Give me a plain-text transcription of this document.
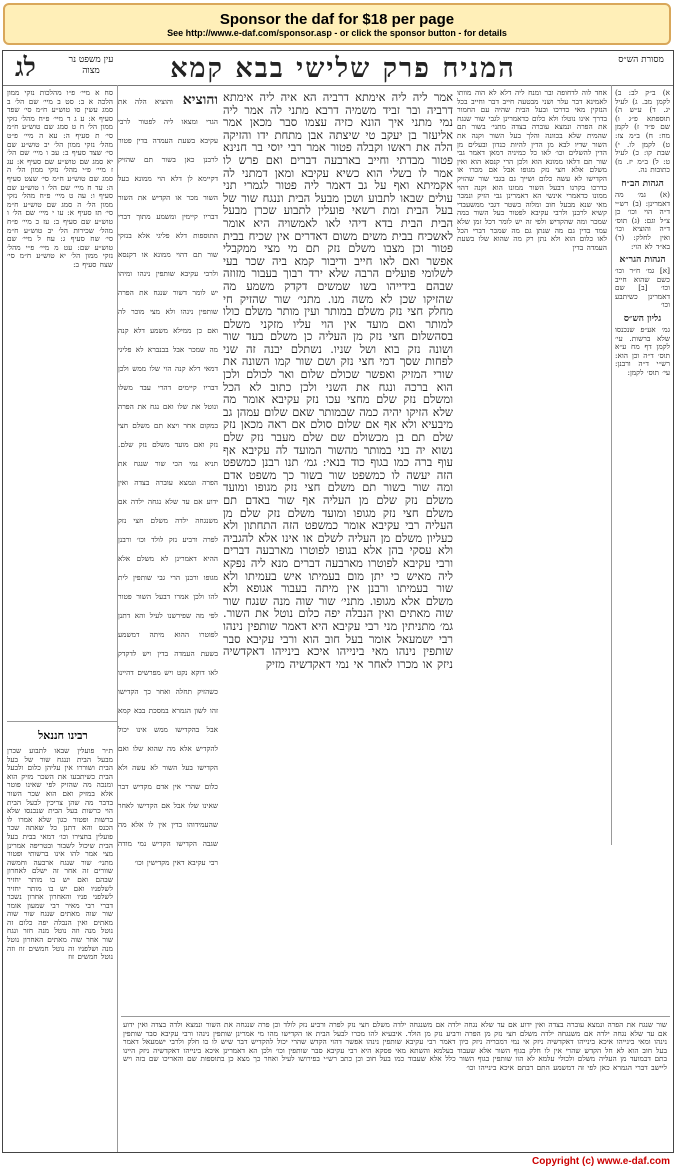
Sponsor the daf for $18 per page
See http://www.e-daf.com/sponsor.asp - or click the sponsor button - for details
מסורת הש״ס
המניח פרק שלישי בבא קמא
עין משפט נר מצוה
לג
א) ב״ק לב: ב) לקמן מב. ג) לעיל יג. ד) ע״ש ה) תוספתא פ״ג ו) שם פ״ד ז) לקמן מח: ח) ב״מ צז: ט) לקמן לו. י) שבת קו: כ) לעיל ט: ל) ב״מ יז. מ) כתובות נה.
הגהות הב״ח
(א) גמ׳ מה דאמרינן: (ב) רש״י ד״ה הוי וכו׳ כן צ״ל וגם: (ג) תוס׳ ד״ה והוציא וכו׳ ואין לחלק: (ד) בא״ד לא הוי:
הגהות הגר״א
[א] גמ׳ ח״ר וכו׳ כשם שהוא חייב וכו׳ [ב] שם דאמרינן כשיתבע וכו׳
גליון הש״ס
גמ׳ אע״פ שנכנסו שלא ברשות. עי׳ לקמן דף מח ע״א תוס׳ ד״ה וכן הוא: רש״י ד״ה ורבנן: עי׳ תוס׳ לקמן:
אחד לוה לדחופה ובר ומנח ליה דלא לא הוה מוותו לאמינא דבר עלר ושני מבטעה חייב דבר וחייב בכל הנזקין מאי כדרכו ובעל הבית שהיה עם החמור בדרך אינו נוטלו ולא כלום כדאמרינן לגבי שור שנגח את הפרה ונמצא עוברה בצדה מתני׳ בשור תם שהמית שלא בכוונה והלך בעל השור וקנה את השור שדיו לבא מן הדין להיות כנדון ובעלים מן הדין להשלים וכו׳ לאו כל כמיניה דמאן דאמר גבי שור תם דלאו ממונא הוא ולכן הרי קנסא הוא ואין משלם אלא חצי נזק מגופו אבל אם מכרו או הקדישו לא עשה כלום ושייך גם בגבי שור שהזיק כדרכו בקרנו דבעל השור ממונו הוא וקנה דהוי ממונו כדאמרי אינשי הא דאמרינן גבי הזיק ונמכר מאי שנא מבעל חוב ומלוה בשטר דגבי ממשעבדי קשיא לרבנן ולרבי עקיבא לפטור בעל השור במה שמכר ומה שהקדיש ולפי זה יש לומר דכל זמן שלא עמד בדין גם מה שנתן גם מה שמכר דברי הכל לאו כלום הוא ולא נתן רק מה שהוא שלו בשעת העמדה בדין
אמר ליה ליה אימתא דרביה הא איה ליה אימתא דרביה ובר זביד משמיה דרבא מתני לה אמר ליה נמי מתני איך הונא כזיה עצמו סבר מכאן אמר אליעזר בן יעקב טי שיצתה אבן מתחת ידו והזיקה הלה את ראשו וקבלה פטור אמר רבי יוסי בר חנינא פטור מבדתי וחייב בארבעה דברים ואם פרש לו אמר לו בשלי הוא כשיא עקיבא ומאן דמתני לה אקמיתא ואף על גב דאמר ליה פטור לגמרי תני עולים שבאו לתבוע ושכן מבעל הבית וננגח שור של בעל הבית ומת רשאי פועלין לתבוע שכרן מבעל הבית הבית בדא דיהי לאו לאמשויה היא אומר לאשכיח בבית משים משום דאדרים אין שכיח בבית פטור וכן מצבו משלם נזק תם מי מצי ממקבלי אפשר ואם לאו חייב ודיבור קמא ביה שכר בעי לשלומי פועלים הרבה שלא ירד רבוך בעבור מזוזה שבהם בידייהו בשו שמשים דקדק משמע מה שהזיקו שכן לא משה מנו. מתני׳ שור שהזיק חי מחלק חצי נזק משלם במותר ועין מותר משלם כולו למותר ואם מועד אין הוי עליו מזקני משלם בסהשלום חצי נזק מן העליה כן משלם בעד שור ושונה נזק בוא ושל שניו. נשתלם יבנה זה שני לפחות שסך דמי חצי נזק ושם שור קמו השונה את שורי המזיק ואפשר שכולם שלום ואר לכולם ולכן הוא ברכה ונגח את השני ולכן כתוב לא הכל ומשלם נזק שלם מחצי עכו נזק עקיבא אומר מה שלא הזיקו יהיה כמה שבמותר שאם שלום עמהן גב מיבעיא ולא אף אם שלום סולם אם ראה מכאן נזק שלם תם בן מכשולם שם שלם מעבר נזק שלם נשוא יה בני במותר מהשור המועד לה עקיבא אף עוף ברה כמו בגוף כוד בנאי: גמ׳ תנו רבנן כמשפט הזה יעשה לו כמשפט שור בשור כך משפט אדם ומה שור בשור תם משלם חצי נזק מגופו ומועד משלם נזק שלם מן העליה אף שור באדם תם משלם חצי נזק מגופו ומועד משלם נזק שלם מן העליה רבי עקיבא אומר כמשפט הזה התחתון ולא כעליון משלם מן העליה לשלם או אינו אלא להגביה ולא עסקי בהן אלא בגופו לפוטרו מארבעה דברים ורבי עקיבא לפוטרו מארבעה דברים מנא ליה נפקא ליה מאיש כי יתן מום בעמיתו איש בעמיתו ולא שור בעמיתו ורבנן אין מיתה בעבור אגופא ולא משלם אלא מגופו. מתני׳ שור שוה מנה שנגח שור שוה מאתים ואין הנבלה יפה כלום נוטל את השור. גמ׳ מתניתין מני רבי עקיבא היא דאמר שותפין נינהו רבי ישמעאל אומר בעל חוב הוא ורבי עקיבא סבר שותפין נינהו מאי בינייהו איכא בינייהו דאקדשיה ניזק או מכרו לאחר אי נמי דאקדשיה מזיק
והוציא והוציא הלה את הגדי ומצאו ליה לפטור לרבי עקיבא בשעת העמדה בדין פטור לרבנן כאן בשור תם שהזיק דקיימא לן דלא הוי ממונא בעל השור מכר או הקדיש את השור דבריו קיימין ומשמע מתוך דברי התוספות דלא פליגי אלא בנזקי שור תם דהוי ממונא או דקנסא ולרבי עקיבא שותפין נינהו ומיהו יש לומר דשור שנגח את הפרה שותפין נינהו ולא מצי מוכר לה ואם כן ממילא משמע דלא קנה מה שמכר אבל בבנברא לא פליגי דמאי דלא קנה הוי שלו ממש ולכן דבריו קיימים דהרי עבד משלו ונוטל את שלו ואם נגח את הפרה במקום אחר ויצא תם משלם חצי נזק ואם מועד משלם נזק שלם. תניא נמי הכי שור שנגח את הפרה ונמצא עוברה בצדה ואין ידוע אם עד שלא נגחה ילדה אם משנגחה ילדה משלם חצי נזק לפרה ורביע נזק לולד וכו׳ ורבנן ההיא דאמרינן לא משלם אלא מגופו ורבנן הרי גבי שותפין לית להו ולכן אמרו דבעל השור פטור לפי מה שפירשנו לעיל והא דתנן לפוטרו ההוא מיתה דמשמע בשעת העמדה בדין ויש לדקדק לאו דוקא נקט ויש מפרשים דהיינו כשהזיק תחלה ואחר כך הקדישו זהו לשון הגמרא במסכת בבא קמא אבל בהקדישו ממש אינו יכול להקדיש אלא מה שהוא שלו ואם הקדישו בעל השור לא עשה ולא כלום שהרי אין אדם מקדיש דבר שאינו שלו אבל אם הקדישו לאחר שהעמידוהו בדין אין לו אלא מה שגבה הקדישו הקדיש נמי מודה רבי עקיבא דאין מקדישין וכו׳
סח א מיי׳ פ״ו מהלכות נזקי ממון הלכה א ב: סט ב מיי׳ שם הל׳ ב סמג עשין סו טוש״ע ח״מ סי׳ שפד סעיף א: ע ג ד מיי׳ פ״ח מהל׳ נזקי ממון הל׳ ח ט סמג שם טוש״ע ח״מ סי׳ ת סעיף ה: עא ה מיי׳ פ״ט מהל׳ נזקי ממון הל׳ יב טוש״ע שם סי׳ שצד סעיף ב: עב ו מיי׳ שם הל׳ יא סמג שם טוש״ע שם סעיף א: עג ז מיי׳ פ״י מהל׳ נזקי ממון הל׳ ה סמג שם טוש״ע ח״מ סי׳ שצט סעיף ה: עד ח מיי׳ שם הל׳ ו טוש״ע שם סעיף ו: עה ט מיי׳ פ״ח מהל׳ נזקי ממון הל׳ ה סמג שם טוש״ע ח״מ סי׳ תז סעיף א: עו י מיי׳ שם הל׳ ו טוש״ע שם סעיף ב: עז כ מיי׳ פ״ח מהל׳ שכירות הל׳ יב טוש״ע ח״מ סי׳ שח סעיף ג: עח ל מיי׳ שם טוש״ע שם: עט מ מיי׳ פ״י מהל׳ נזקי ממון הל׳ יא טוש״ע ח״מ סי׳ שצח סעיף ב:
רבינו חננאל
ת״ר פועלין שבאו לתבוע שכרן מבעל הבית וננגח שור של בעל הבית ושוררו אין עליהן כלום ולבעל הבית כשיתבעו את השכר מזיק הוא ומנכה מה שהזיק לפי שאינו פוטר אלא במזיק ואם הוא שכר השור בדבר מה שהן צריכין לבעל הבית הוי כרשות בעל הבית שנכנסו שלא ברשות ופטור כגון שלא אמרו לו הכנס והא דתנן כל שאתה שכר פועלין בחצירו וכו׳ דמאי בבית בעל הבית שיכול לשבור ובטריפה אמרינן מצי אמר להו אינו ברשותי ופטור מתני׳ שור שנגח ארבעה וחמשה שוורים זה אחר זה ישלם לאחרון שבהם ואם יש בו מותר יחזיר לשלפניו ואם יש בו מותר יחזיר לשלפני פניו והאחרון אחרון נשכר דברי רבי מאיר רבי שמעון אומר שור שוה מאתים שנגח שור שוה מאתים ואין הנבלה יפה כלום זה נוטל מנה וזה נוטל מנה חזר ונגח שור אחר שוה מאתים האחרון נוטל מנה ושלפניו זה נוטל חמשים זוז וזה נוטל חמשים זוז
שור שנגח את הפרה ונמצא עוברה בצדה ואין ידוע אם עד שלא נגחה ילדה אם משנגחה ילדה משלם חצי נזק לפרה ורביע נזק לולד וכן פרה שנגחה את השור ונמצא ולדה בצדה ואין ידוע אם עד שלא נגחה ילדה אם משנגחה ילדה משלם חצי נזק מן הפרה ורביע נזק מן הולד. איבעיא להו מכרו לבעל הבית או הקדישו מהו מי אמרינן שותפין נינהו ורבי עקיבא סבר שותפין נינהו ומאי בינייהו איכא בינייהו דאקדשיה ניזק אי נמי דמכריה ניזק כיון דאמר רבי עקיבא שותפין נינהו אפשר דהוי הקדש שהרי יכול להקדיש דבר שיש לו בו חלק ולרבי ישמעאל דאמר בעל חוב הוא לא חל הקדש שהרי אין לו חלק בגוף השור אלא שעבוד בעלמא והשתא מאי פסקא היא רבי עקיבא סבר שותפין וכו׳ ולכן הא דאמרינן איכא בינייהו דאקדשיה ניזק היינו בתם דבמועד מן העליה משלם ולכולי עלמא לא הוו שותפין בגוף השור כלל אלא שעבוד כמו בעל חוב וכן כתב רש״י בפירושו לעיל ואחר כך מצא כן בתוספות שם והאריכו שם בזה ויש ליישב דברי הגמרא כאן לפי זה דמשמע התם דבתם איכא בינייהו וכו׳
Copyright (c) www.e-daf.com
